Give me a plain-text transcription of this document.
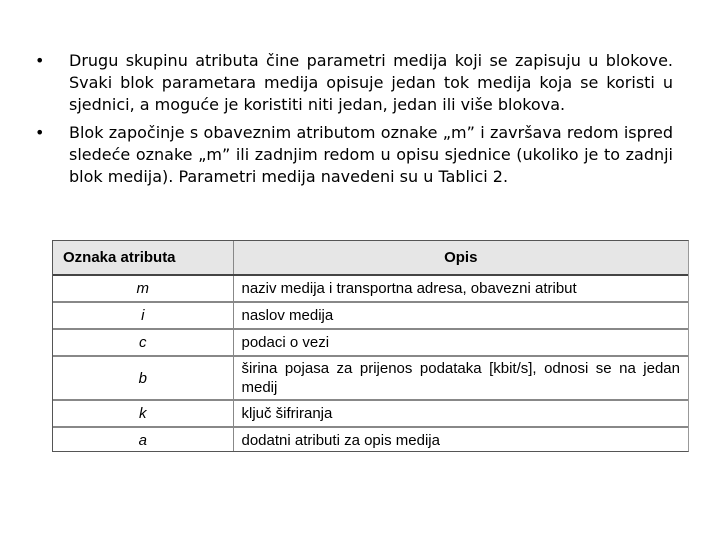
•	Drugu skupinu atributa čine parametri medija koji se zapisuju u blokove. Svaki blok parametara medija opisuje jedan tok medija koja se koristi u sjednici, a moguće je koristiti niti jedan, jedan ili više blokova.
•	Blok započinje s obaveznim atributom oznake „m” i završava redom ispred sledeće oznake „m” ili zadnjim redom u opisu sjednice (ukoliko je to zadnji blok medija). Parametri medija navedeni su u Tablici 2.
Oznaka atributa	Opis
m	naziv medija i transportna adresa, obavezni atribut
i	naslov medija
c	podaci o vezi
b	širina pojasa za prijenos podataka [kbit/s], odnosi se na jedan medij
k	ključ šifriranja
a	dodatni atributi za opis medija
